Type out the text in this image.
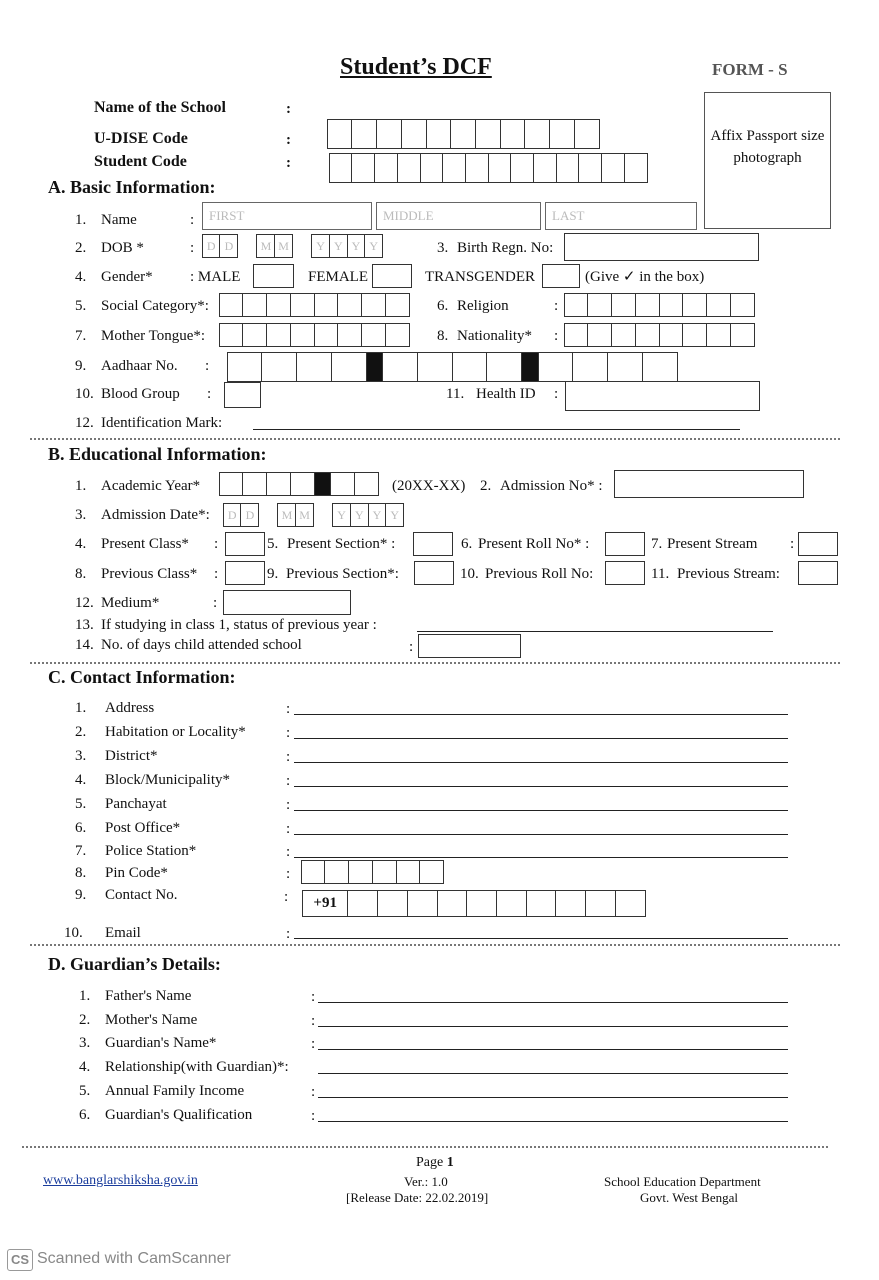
Student’s DCF	FORM - S
Name of the School	:
U-DISE Code	:
Student Code	:
Affix Passport size photograph
A. Basic Information:
1. Name	:	FIRST	MIDDLE	LAST
2. DOB *	:	D D	M M	Y Y Y Y	3. Birth Regn. No:
4. Gender* : MALE	FEMALE	TRANSGENDER	(Give ✓ in the box)
5. Social Category*:	6. Religion	:
7. Mother Tongue*:	8. Nationality* :
9. Aadhaar No. :
10. Blood Group :	11. Health ID :
12. Identification Mark:
B. Educational Information:
1. Academic Year*	(20XX-XX) 2. Admission No* :
3. Admission Date*:	D D	M M	Y Y Y Y
4. Present Class* :	5. Present Section* :	6. Present Roll No* :	7. Present Stream :
8. Previous Class* :	9. Previous Section*:	10. Previous Roll No:	11. Previous Stream:
12. Medium*	:
13. If studying in class 1, status of previous year :
14. No. of days child attended school	:
C. Contact Information:
1. Address	:
2. Habitation or Locality*	:
3. District*	:
4. Block/Municipality*	:
5. Panchayat	:
6. Post Office*	:
7. Police Station*	:
8. Pin Code*	:
9. Contact No.	:	+91
10. Email	:
D. Guardian’s Details:
1. Father's Name	:
2. Mother's Name	:
3. Guardian's Name*	:
4. Relationship(with Guardian)*:
5. Annual Family Income	:
6. Guardian's Qualification	:
www.banglarshiksha.gov.in
Page 1
Ver.: 1.0
[Release Date: 22.02.2019]
School Education Department
Govt. West Bengal
CS Scanned with CamScanner
